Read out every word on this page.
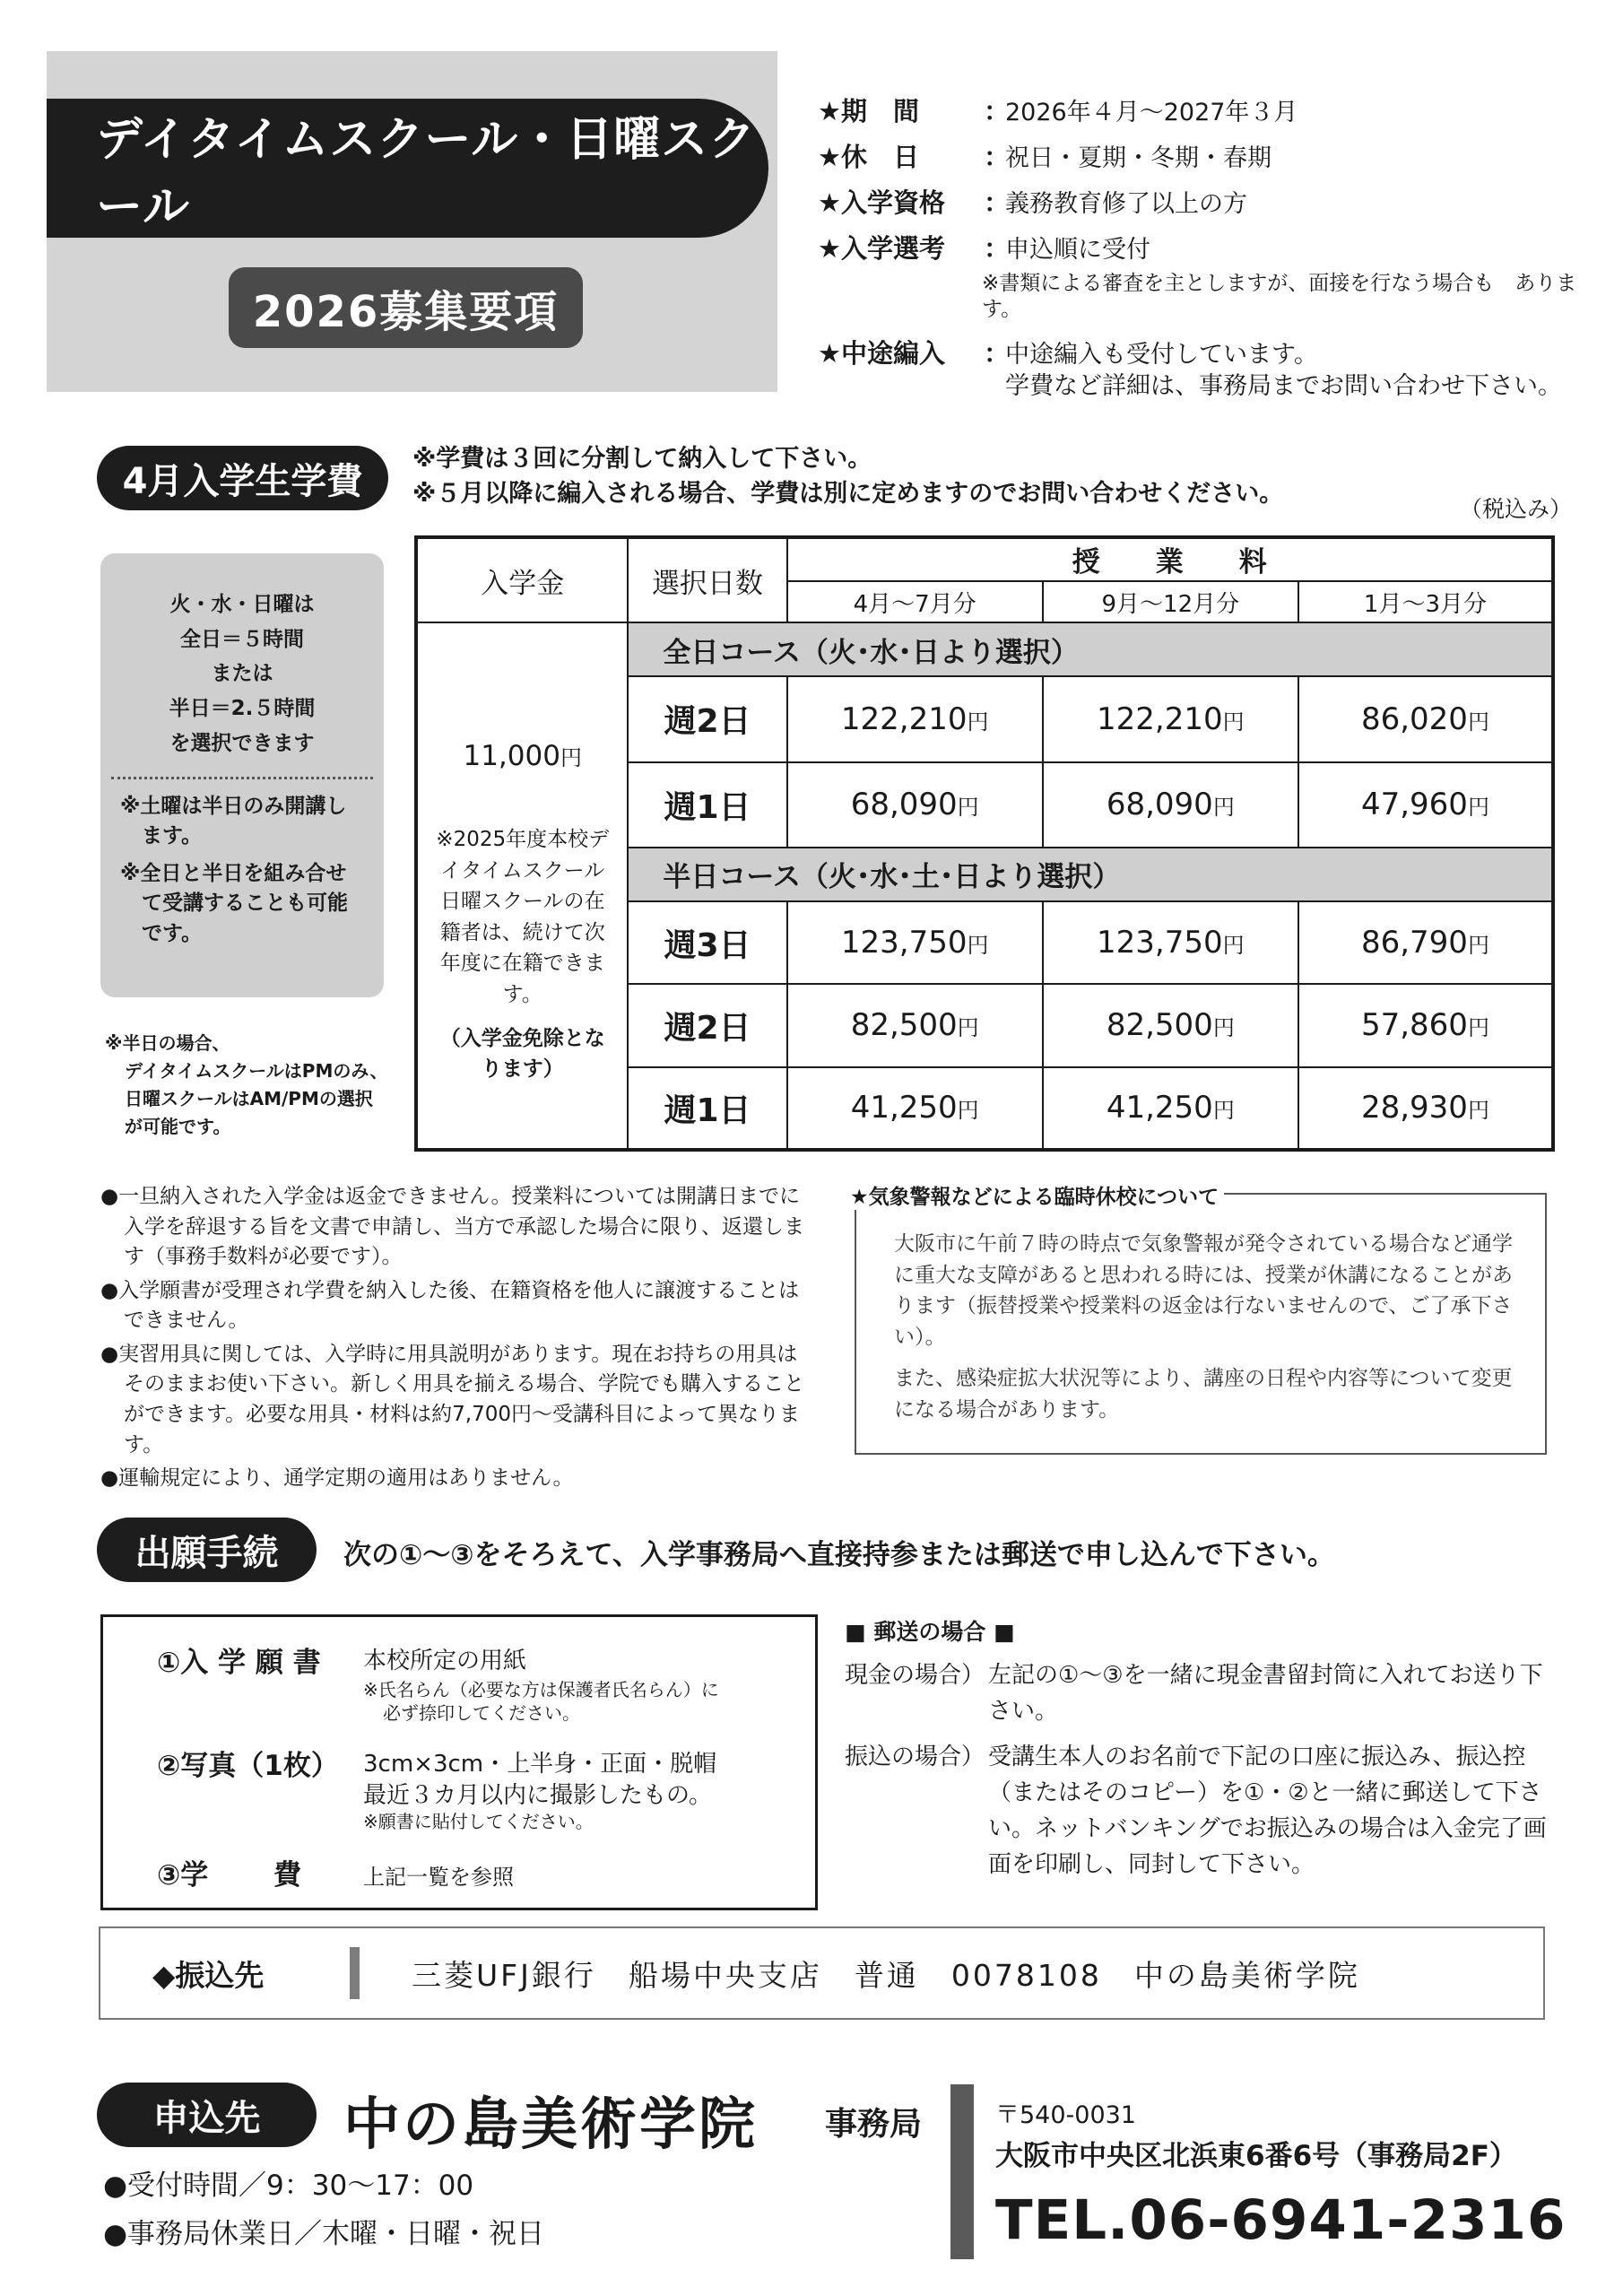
デイタイムスクール・日曜スクール
2026募集要項
★期　間	：
2026年４月～2027年３月
★休　日	：
祝日・夏期・冬期・春期
★入学資格	：
義務教育修了以上の方
★入学選考	：
申込順に受付
※書類による審査を主としますが、面接を行なう場合も　あります。
★中途編入	：
中途編入も受付しています。
学費など詳細は、事務局までお問い合わせ下さい。
4月入学生学費
※学費は３回に分割して納入して下さい。
※５月以降に編入される場合、学費は別に定めますのでお問い合わせください。
（税込み）
火・水・日曜は
全日＝５時間
または
半日＝2.５時間
を選択できます
※土曜は半日のみ開講します。
※全日と半日を組み合せて受講することも可能です。
※半日の場合、
デイタイムスクールはPMのみ、
日曜スクールはAM/PMの選択
が可能です。
入学金	選択日数	授　　業　　料		
		4月～7月分	9月～12月分	1月～3月分

11,000円
※2025年度本校デイタイムスクール日曜スクールの在籍者は、続けて次年度に在籍できます。
（入学金免除となります）	全日コース（火･水･日より選択）			
	週2日	122,210円	122,210円	86,020円
	週1日	68,090円	68,090円	47,960円
	半日コース（火･水･土･日より選択）			
	週3日	123,750円	123,750円	86,790円
	週2日	82,500円	82,500円	57,860円
	週1日	41,250円	41,250円	28,930円
●一旦納入された入学金は返金できません。授業料については開講日までに入学を辞退する旨を文書で申請し、当方で承認した場合に限り、返還します（事務手数料が必要です）。
●入学願書が受理され学費を納入した後、在籍資格を他人に譲渡することはできません。
●実習用具に関しては、入学時に用具説明があります。現在お持ちの用具はそのままお使い下さい。新しく用具を揃える場合、学院でも購入することができます。必要な用具・材料は約7,700円～受講科目によって異なります。
●運輸規定により、通学定期の適用はありません。

大阪市に午前７時の時点で気象警報が発令されている場合など通学に重大な支障があると思われる時には、授業が休講になることがあります（振替授業や授業料の返金は行ないませんので、ご了承下さい）。

また、感染症拡大状況等により、講座の日程や内容等について変更になる場合があります。

★気象警報などによる臨時休校について
出願手続	次の①～③をそろえて、入学事務局へ直接持参または郵送で申し込んで下さい。
①入 学 願 書 本校所定の用紙
※氏名らん（必要な方は保護者氏名らん）に
必ず捺印してください。
②写真（1枚） 3cm×3cm・上半身・正面・脱帽
最近３カ月以内に撮影したもの。
※願書に貼付してください。
③学　　 費	上記一覧を参照
■ 郵送の場合 ■
現金の場合） 左記の①～③を一緒に現金書留封筒に入れてお送り下さい。
振込の場合） 受講生本人のお名前で下記の口座に振込み、振込控（またはそのコピー）を①・②と一緒に郵送して下さい。ネットバンキングでお振込みの場合は入金完了画面を印刷し、同封して下さい。
◆振込先	三菱UFJ銀行　船場中央支店　普通　0078108　中の島美術学院
申込先	中の島美術学院 事務局
●受付時間／9：30～17：00
●事務局休業日／木曜・日曜・祝日
〒540-0031
大阪市中央区北浜東6番6号（事務局2F）
TEL.06-6941-2316
